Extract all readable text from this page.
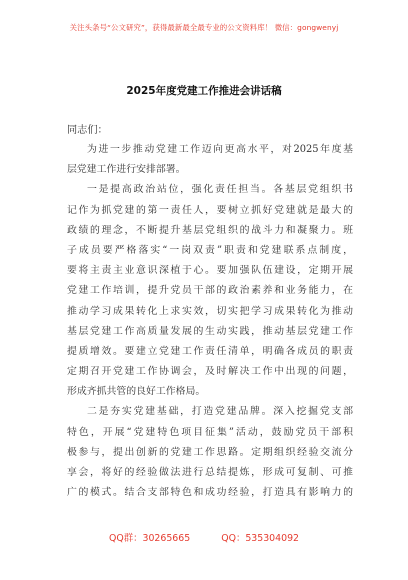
关注头条号“公文研究”，获得最新最全最专业的公文资料库！ 微信：gongwenyj
2025年度党建工作推进会讲话稿
同志们：
为进一步推动党建工作迈向更高水平，对2025年度基
层党建工作进行安排部署。
一是提高政治站位，强化责任担当。各基层党组织书
记作为抓党建的第一责任人，要树立抓好党建就是最大的
政绩的理念，不断提升基层党组织的战斗力和凝聚力。班
子成员要严格落实“一岗双责”职责和党建联系点制度，
要将主责主业意识深植于心。要加强队伍建设，定期开展
党建工作培训，提升党员干部的政治素养和业务能力，在
推动学习成果转化上求实效，切实把学习成果转化为推动
基层党建工作高质量发展的生动实践，推动基层党建工作
提质增效。要建立党建工作责任清单，明确各成员的职责
定期召开党建工作协调会，及时解决工作中出现的问题，
形成齐抓共管的良好工作格局。
二是夯实党建基础，打造党建品牌。深入挖掘党支部
特色，开展“党建特色项目征集”活动，鼓励党员干部积
极参与，提出创新的党建工作思路。定期组织经验交流分
享会，将好的经验做法进行总结提炼，形成可复制、可推
广的模式。结合支部特色和成功经验，打造具有影响力的
QQ群：30265665	QQ：535304092
